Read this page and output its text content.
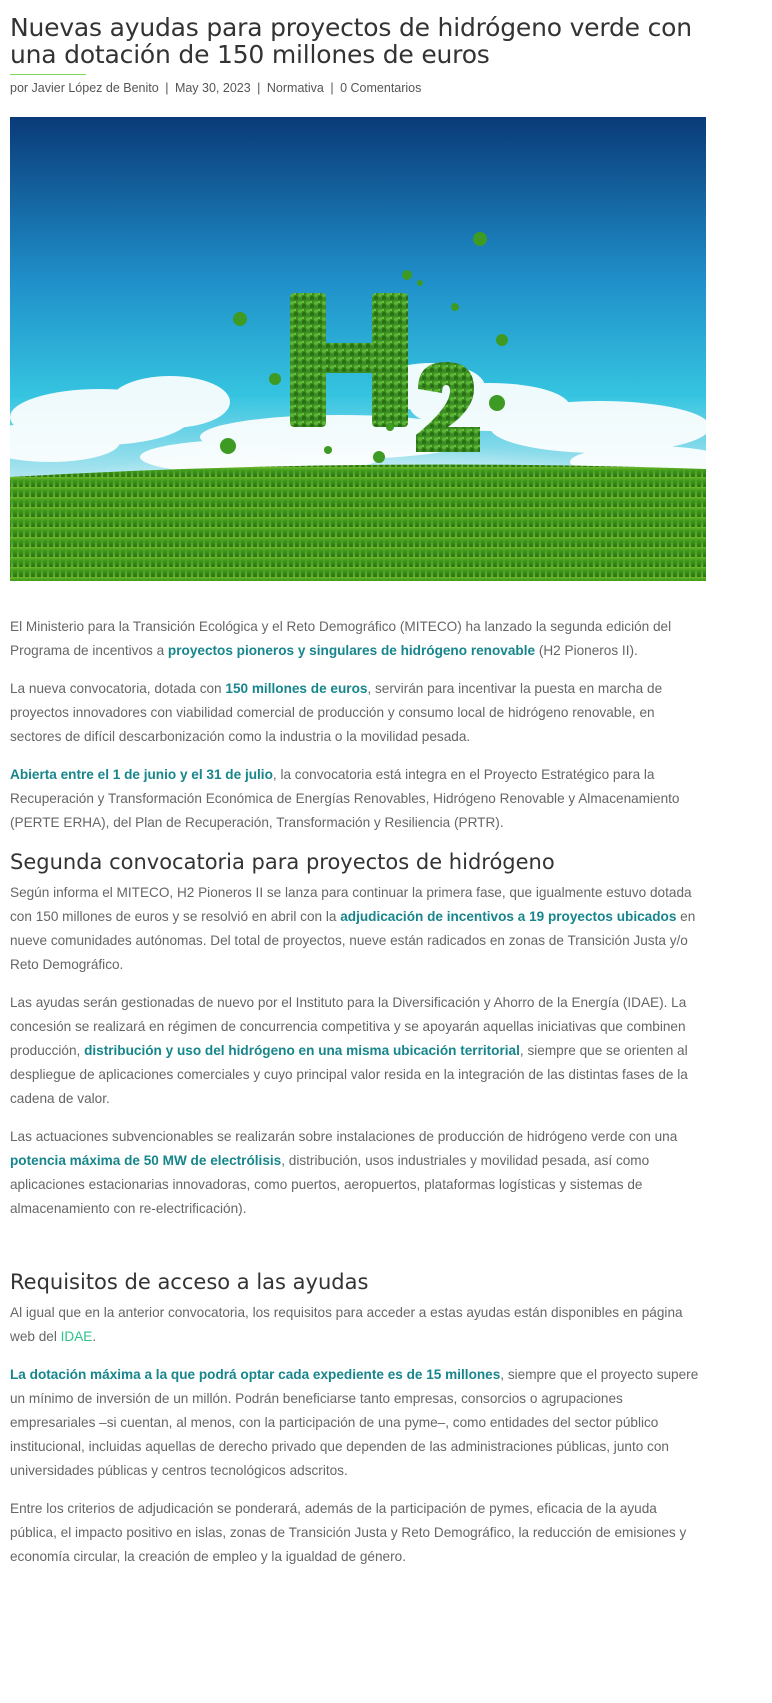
Nuevas ayudas para proyectos de hidrógeno verde con una dotación de 150 millones de euros
por Javier López de Benito | May 30, 2023 | Normativa | 0 Comentarios

El Ministerio para la Transición Ecológica y el Reto Demográfico (MITECO) ha lanzado la segunda edición del Programa de incentivos a proyectos pioneros y singulares de hidrógeno renovable (H2 Pioneros II).

La nueva convocatoria, dotada con 150 millones de euros, servirán para incentivar la puesta en marcha de proyectos innovadores con viabilidad comercial de producción y consumo local de hidrógeno renovable, en sectores de difícil descarbonización como la industria o la movilidad pesada.

Abierta entre el 1 de junio y el 31 de julio, la convocatoria está integra en el Proyecto Estratégico para la Recuperación y Transformación Económica de Energías Renovables, Hidrógeno Renovable y Almacenamiento (PERTE ERHA), del Plan de Recuperación, Transformación y Resiliencia (PRTR).

Segunda convocatoria para proyectos de hidrógeno

Según informa el MITECO, H2 Pioneros II se lanza para continuar la primera fase, que igualmente estuvo dotada con 150 millones de euros y se resolvió en abril con la adjudicación de incentivos a 19 proyectos ubicados en nueve comunidades autónomas. Del total de proyectos, nueve están radicados en zonas de Transición Justa y/o Reto Demográfico.

Las ayudas serán gestionadas de nuevo por el Instituto para la Diversificación y Ahorro de la Energía (IDAE). La concesión se realizará en régimen de concurrencia competitiva y se apoyarán aquellas iniciativas que combinen producción, distribución y uso del hidrógeno en una misma ubicación territorial, siempre que se orienten al despliegue de aplicaciones comerciales y cuyo principal valor resida en la integración de las distintas fases de la cadena de valor.

Las actuaciones subvencionables se realizarán sobre instalaciones de producción de hidrógeno verde con una potencia máxima de 50 MW de electrólisis, distribución, usos industriales y movilidad pesada, así como aplicaciones estacionarias innovadoras, como puertos, aeropuertos, plataformas logísticas y sistemas de almacenamiento con re-electrificación).

Requisitos de acceso a las ayudas

Al igual que en la anterior convocatoria, los requisitos para acceder a estas ayudas están disponibles en página web del IDAE.

La dotación máxima a la que podrá optar cada expediente es de 15 millones, siempre que el proyecto supere un mínimo de inversión de un millón. Podrán beneficiarse tanto empresas, consorcios o agrupaciones empresariales –si cuentan, al menos, con la participación de una pyme–, como entidades del sector público institucional, incluidas aquellas de derecho privado que dependen de las administraciones públicas, junto con universidades públicas y centros tecnológicos adscritos.

Entre los criterios de adjudicación se ponderará, además de la participación de pymes, eficacia de la ayuda pública, el impacto positivo en islas, zonas de Transición Justa y Reto Demográfico, la reducción de emisiones y economía circular, la creación de empleo y la igualdad de género.
